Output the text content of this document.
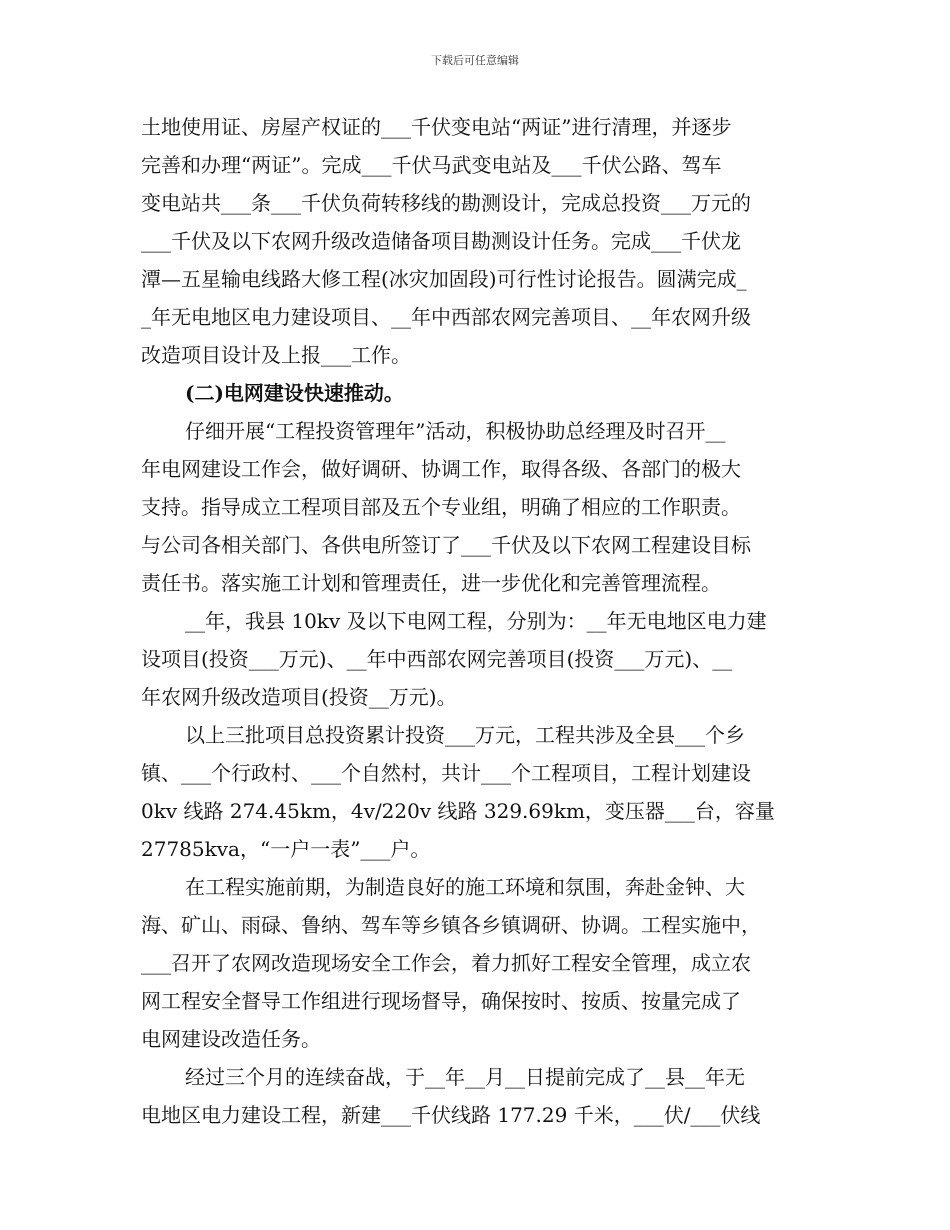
下载后可任意编辑
土地使用证、房屋产权证的___千伏变电站“两证”进行清理，并逐步
完善和办理“两证”。完成___千伏马武变电站及___千伏公路、驾车
变电站共___条___千伏负荷转移线的勘测设计，完成总投资___万元的
___千伏及以下农网升级改造储备项目勘测设计任务。完成___千伏龙
潭—五星输电线路大修工程(冰灾加固段)可行性讨论报告。圆满完成_
_年无电地区电力建设项目、__年中西部农网完善项目、__年农网升级
改造项目设计及上报___工作。
(二)电网建设快速推动。
仔细开展“工程投资管理年”活动，积极协助总经理及时召开__
年电网建设工作会，做好调研、协调工作，取得各级、各部门的极大
支持。指导成立工程项目部及五个专业组，明确了相应的工作职责。
与公司各相关部门、各供电所签订了___千伏及以下农网工程建设目标
责任书。落实施工计划和管理责任，进一步优化和完善管理流程。
__年，我县 10kv 及以下电网工程，分别为：__年无电地区电力建
设项目(投资___万元)、__年中西部农网完善项目(投资___万元)、__
年农网升级改造项目(投资__万元)。
以上三批项目总投资累计投资___万元，工程共涉及全县___个乡
镇、___个行政村、___个自然村，共计___个工程项目，工程计划建设
0kv 线路 274.45km，4v/220v 线路 329.69km，变压器___台，容量
27785kva，“一户一表”___户。
在工程实施前期，为制造良好的施工环境和氛围，奔赴金钟、大
海、矿山、雨碌、鲁纳、驾车等乡镇各乡镇调研、协调。工程实施中，
___召开了农网改造现场安全工作会，着力抓好工程安全管理，成立农
网工程安全督导工作组进行现场督导，确保按时、按质、按量完成了
电网建设改造任务。
经过三个月的连续奋战，于__年__月__日提前完成了__县__年无
电地区电力建设工程，新建___千伏线路 177.29 千米，___伏/___伏线
